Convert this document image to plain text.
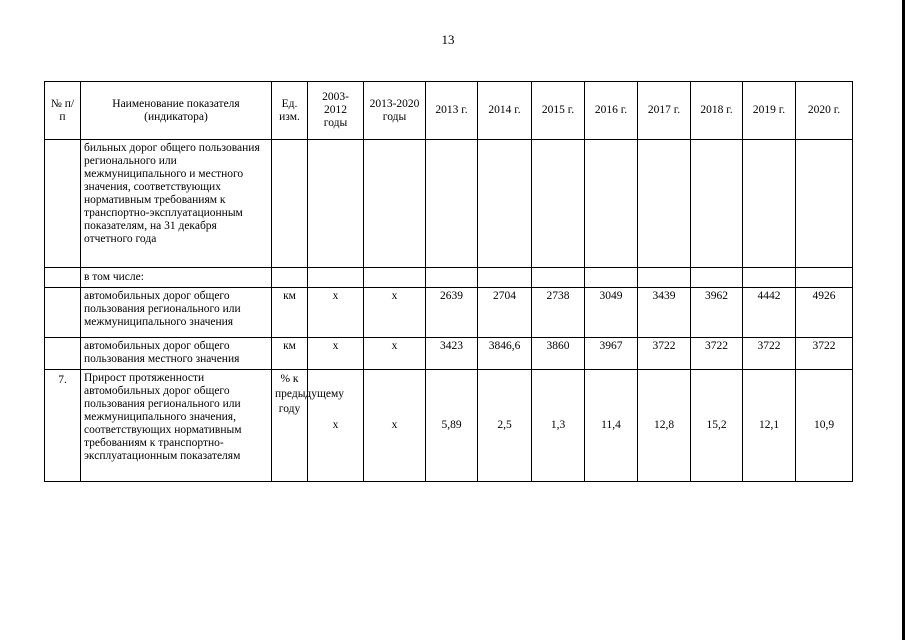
13
№ п/п	Наименование показателя (индикатора)	Ед. изм.	2003-2012 годы	2013-2020 годы	2013 г.	2014 г.	2015 г.	2016 г.	2017 г.	2018 г.	2019 г.	2020 г.
	бильных дорог общего пользования регионального или межмуниципального и местного значения, соответствующих нормативным требованиям к транспортно-эксплуатационным показателям, на 31 декабря отчетного года											
	в том числе:											
	автомобильных дорог общего пользования регионального или межмуниципального значения	км	х	х	2639	2704	2738	3049	3439	3962	4442	4926
	автомобильных дорог общего пользования местного значения	км	х	х	3423	3846,6	3860	3967	3722	3722	3722	3722
7.	Прирост протяженности автомобильных дорог общего пользования регионального или межмуниципального значения, соответствующих нормативным требованиям к транспортно-эксплуатационным показателям	% к предыдущему году	х	х	5,89	2,5	1,3	11,4	12,8	15,2	12,1	10,9
